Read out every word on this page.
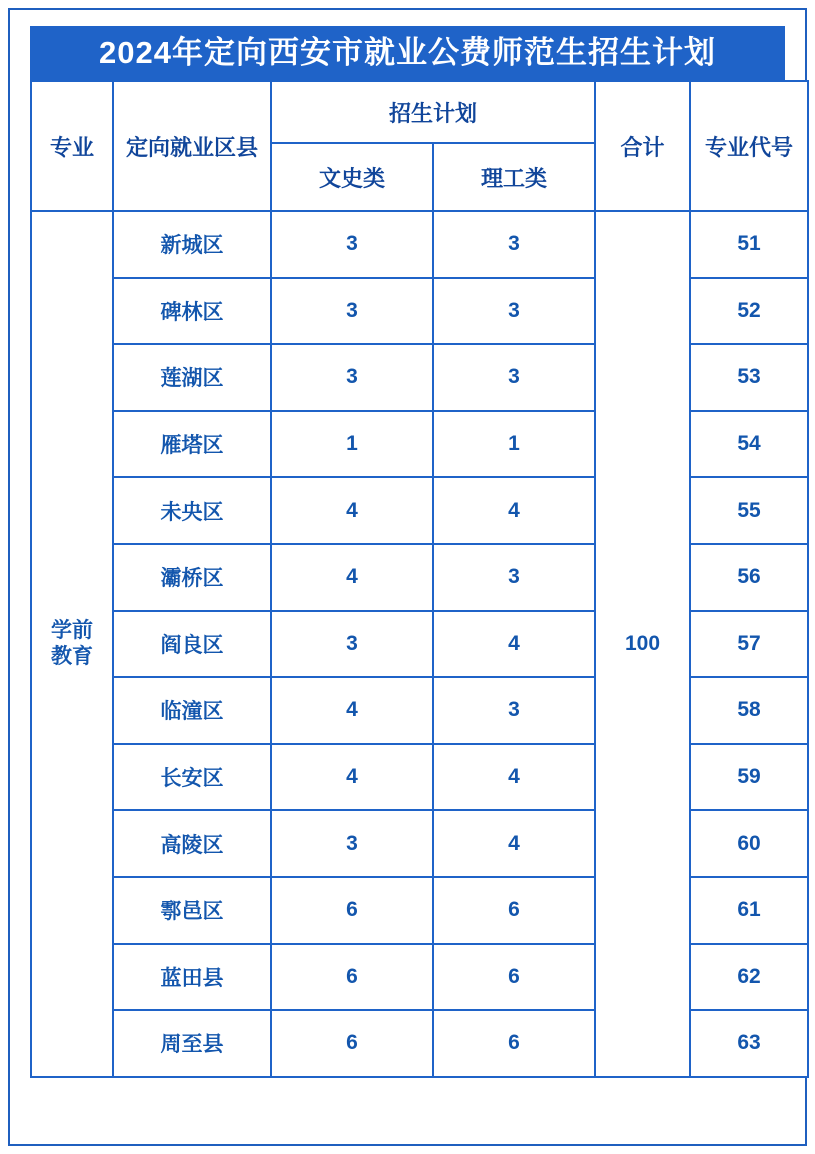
2024年定向西安市就业公费师范生招生计划
专业	定向就业区县	招生计划		合计	专业代号
		文史类	理工类		

学前
教育	新城区	3	3	100	51
	碑林区	3	3		52
	莲湖区	3	3		53
	雁塔区	1	1		54
	未央区	4	4		55
	灞桥区	4	3		56
	阎良区	3	4		57
	临潼区	4	3		58
	长安区	4	4		59
	高陵区	3	4		60
	鄠邑区	6	6		61
	蓝田县	6	6		62
	周至县	6	6		63
